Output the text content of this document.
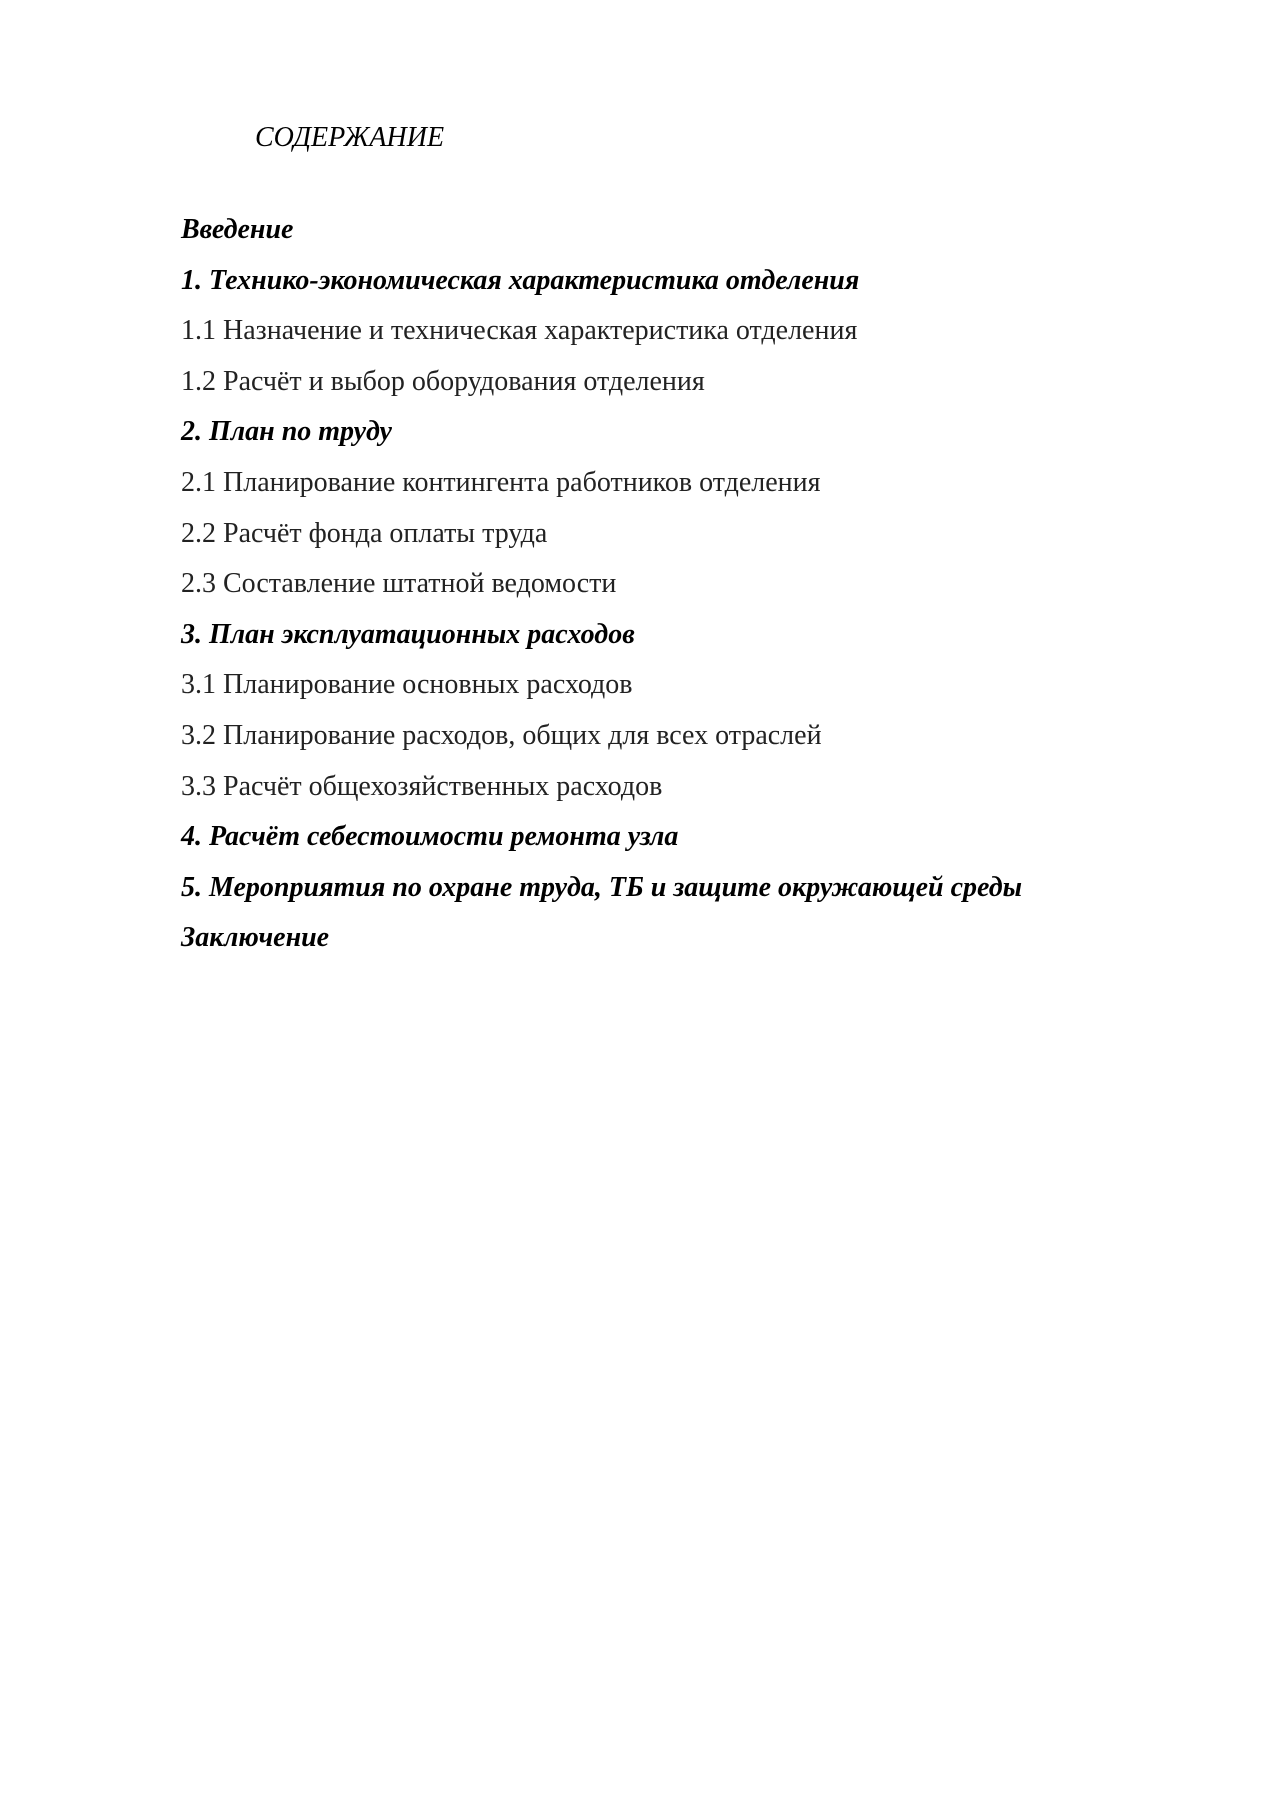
СОДЕРЖАНИЕ
Введение
1. Технико-экономическая характеристика отделения
1.1 Назначение и техническая характеристика отделения
1.2 Расчёт и выбор оборудования отделения
2. План по труду
2.1 Планирование контингента работников отделения
2.2 Расчёт фонда оплаты труда
2.3 Составление штатной ведомости
3. План эксплуатационных расходов
3.1 Планирование основных расходов
3.2 Планирование расходов, общих для всех отраслей
3.3 Расчёт общехозяйственных расходов
4. Расчёт себестоимости ремонта узла
5. Мероприятия по охране труда, ТБ и защите окружающей среды
Заключение
